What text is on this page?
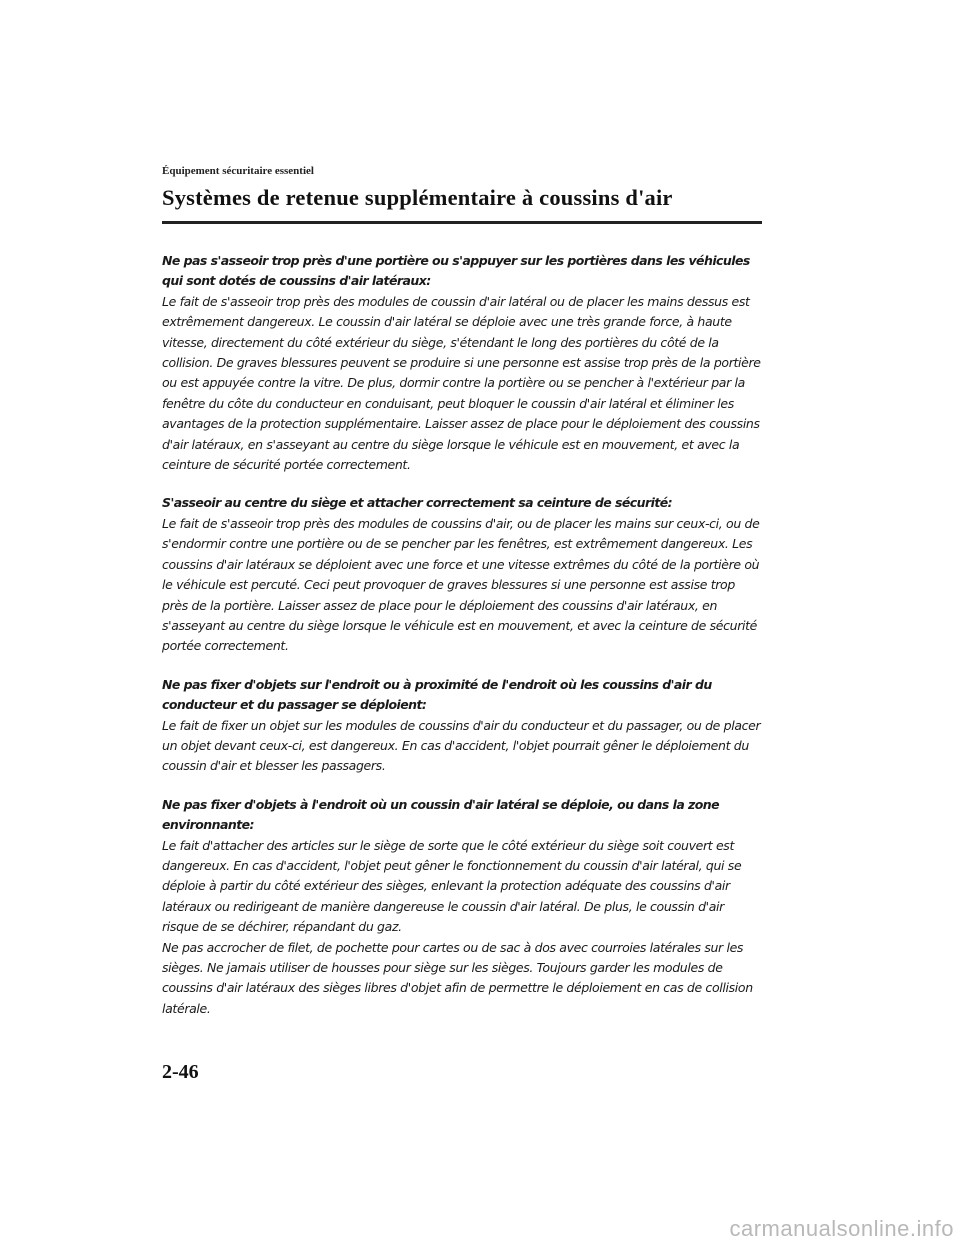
Équipement sécuritaire essentiel
Systèmes de retenue supplémentaire à coussins d'air

Ne pas s'asseoir trop près d'une portière ou s'appuyer sur les portières dans les véhicules qui sont dotés de coussins d'air latéraux:

Le fait de s'asseoir trop près des modules de coussin d'air latéral ou de placer les mains dessus est extrêmement dangereux. Le coussin d'air latéral se déploie avec une très grande force, à haute vitesse, directement du côté extérieur du siège, s'étendant le long des portières du côté de la collision. De graves blessures peuvent se produire si une personne est assise trop près de la portière ou est appuyée contre la vitre. De plus, dormir contre la portière ou se pencher à l'extérieur par la fenêtre du côte du conducteur en conduisant, peut bloquer le coussin d'air latéral et éliminer les avantages de la protection supplémentaire. Laisser assez de place pour le déploiement des coussins d'air latéraux, en s'asseyant au centre du siège lorsque le véhicule est en mouvement, et avec la ceinture de sécurité portée correctement.

S'asseoir au centre du siège et attacher correctement sa ceinture de sécurité:

Le fait de s'asseoir trop près des modules de coussins d'air, ou de placer les mains sur ceux-ci, ou de s'endormir contre une portière ou de se pencher par les fenêtres, est extrêmement dangereux. Les coussins d'air latéraux se déploient avec une force et une vitesse extrêmes du côté de la portière où le véhicule est percuté. Ceci peut provoquer de graves blessures si une personne est assise trop près de la portière. Laisser assez de place pour le déploiement des coussins d'air latéraux, en s'asseyant au centre du siège lorsque le véhicule est en mouvement, et avec la ceinture de sécurité portée correctement.

Ne pas fixer d'objets sur l'endroit ou à proximité de l'endroit où les coussins d'air du conducteur et du passager se déploient:

Le fait de fixer un objet sur les modules de coussins d'air du conducteur et du passager, ou de placer un objet devant ceux-ci, est dangereux. En cas d'accident, l'objet pourrait gêner le déploiement du coussin d'air et blesser les passagers.

Ne pas fixer d'objets à l'endroit où un coussin d'air latéral se déploie, ou dans la zone environnante:

Le fait d'attacher des articles sur le siège de sorte que le côté extérieur du siège soit couvert est dangereux. En cas d'accident, l'objet peut gêner le fonctionnement du coussin d'air latéral, qui se déploie à partir du côté extérieur des sièges, enlevant la protection adéquate des coussins d'air latéraux ou redirigeant de manière dangereuse le coussin d'air latéral. De plus, le coussin d'air risque de se déchirer, répandant du gaz.

Ne pas accrocher de filet, de pochette pour cartes ou de sac à dos avec courroies latérales sur les sièges. Ne jamais utiliser de housses pour siège sur les sièges. Toujours garder les modules de coussins d'air latéraux des sièges libres d'objet afin de permettre le déploiement en cas de collision latérale.

2-46
carmanualsonline.info
